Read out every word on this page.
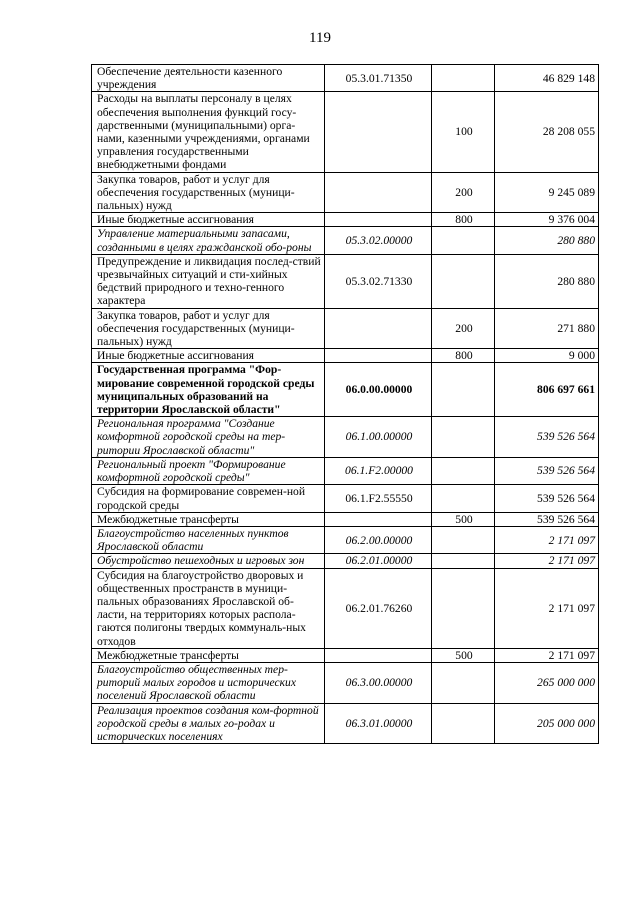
119
Обеспечение деятельности казенного учреждения	05.3.01.71350		46 829 148
Расходы на выплаты персоналу в целях обеспечения выполнения функций госу-дарственными (муниципальными) орга-нами, казенными учреждениями, органами управления государственными внебюджетными фондами		100	28 208 055
Закупка товаров, работ и услуг для обеспечения государственных (муници-пальных) нужд		200	9 245 089
Иные бюджетные ассигнования		800	9 376 004
Управление материальными запасами, созданными в целях гражданской обо-роны	05.3.02.00000		280 880
Предупреждение и ликвидация послед-ствий чрезвычайных ситуаций и сти-хийных бедствий природного и техно-генного характера	05.3.02.71330		280 880
Закупка товаров, работ и услуг для обеспечения государственных (муници-пальных) нужд		200	271 880
Иные бюджетные ассигнования		800	9 000
Государственная программа "Фор-мирование современной городской среды муниципальных образований на территории Ярославской области"	06.0.00.00000		806 697 661
Региональная программа "Создание комфортной городской среды на тер-ритории Ярославской области"	06.1.00.00000		539 526 564
Региональный проект "Формирование комфортной городской среды"	06.1.F2.00000		539 526 564
Субсидия на формирование современ-ной городской среды	06.1.F2.55550		539 526 564
Межбюджетные трансферты		500	539 526 564
Благоустройство населенных пунктов Ярославской области	06.2.00.00000		2 171 097
Обустройство пешеходных и игровых зон	06.2.01.00000		2 171 097
Субсидия на благоустройство дворовых и общественных пространств в муници-пальных образованиях Ярославской об-ласти, на территориях которых распола-гаются полигоны твердых коммуналь-ных отходов	06.2.01.76260		2 171 097
Межбюджетные трансферты		500	2 171 097
Благоустройство общественных тер-риторий малых городов и исторических поселений Ярославской области	06.3.00.00000		265 000 000
Реализация проектов создания ком-фортной городской среды в малых го-родах и исторических поселениях	06.3.01.00000		205 000 000
